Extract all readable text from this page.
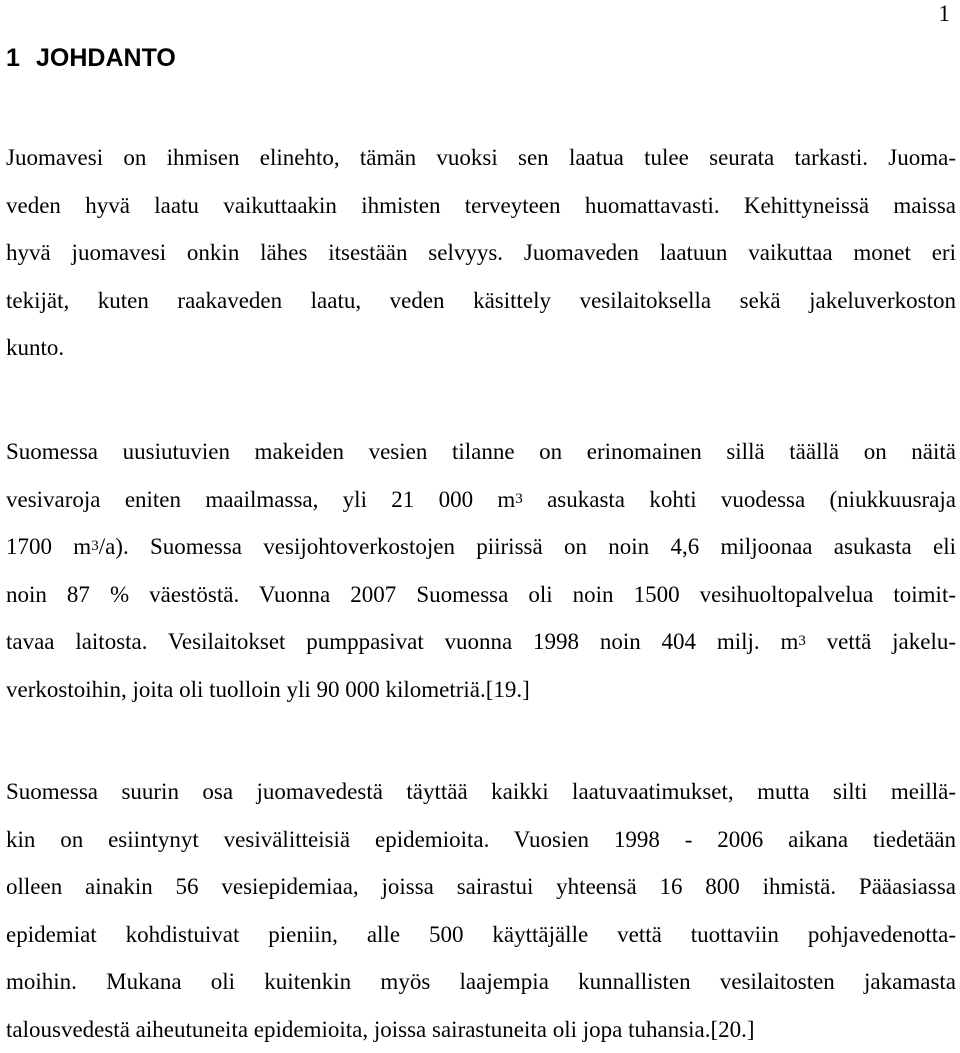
1
1 JOHDANTO
Juomavesi on ihmisen elinehto, tämän vuoksi sen laatua tulee seurata tarkasti. Juoma-
veden hyvä laatu vaikuttaakin ihmisten terveyteen huomattavasti. Kehittyneissä maissa
hyvä juomavesi onkin lähes itsestään selvyys. Juomaveden laatuun vaikuttaa monet eri
tekijät, kuten raakaveden laatu, veden käsittely vesilaitoksella sekä jakeluverkoston
kunto.
Suomessa uusiutuvien makeiden vesien tilanne on erinomainen sillä täällä on näitä
vesivaroja eniten maailmassa, yli 21 000 $m^3$ asukasta kohti vuodessa (niukkuusraja
1700 $m^3/a$). Suomessa vesijohtoverkostojen piirissä on noin 4,6 miljoonaa asukasta eli
noin 87 % väestöstä. Vuonna 2007 Suomessa oli noin 1500 vesihuoltopalvelua toimit-
tavaa laitosta. Vesilaitokset pumppasivat vuonna 1998 noin 404 milj. $m^3$ vettä jakelu-
verkostoihin, joita oli tuolloin yli 90 000 kilometriä.[19.]
Suomessa suurin osa juomavedestä täyttää kaikki laatuvaatimukset, mutta silti meillä-
kin on esiintynyt vesivälitteisiä epidemioita. Vuosien 1998 - 2006 aikana tiedetään
olleen ainakin 56 vesiepidemiaa, joissa sairastui yhteensä 16 800 ihmistä. Pääasiassa
epidemiat kohdistuivat pieniin, alle 500 käyttäjälle vettä tuottaviin pohjavedenotta-
moihin. Mukana oli kuitenkin myös laajempia kunnallisten vesilaitosten jakamasta
talousvedestä aiheutuneita epidemioita, joissa sairastuneita oli jopa tuhansia.[20.]
